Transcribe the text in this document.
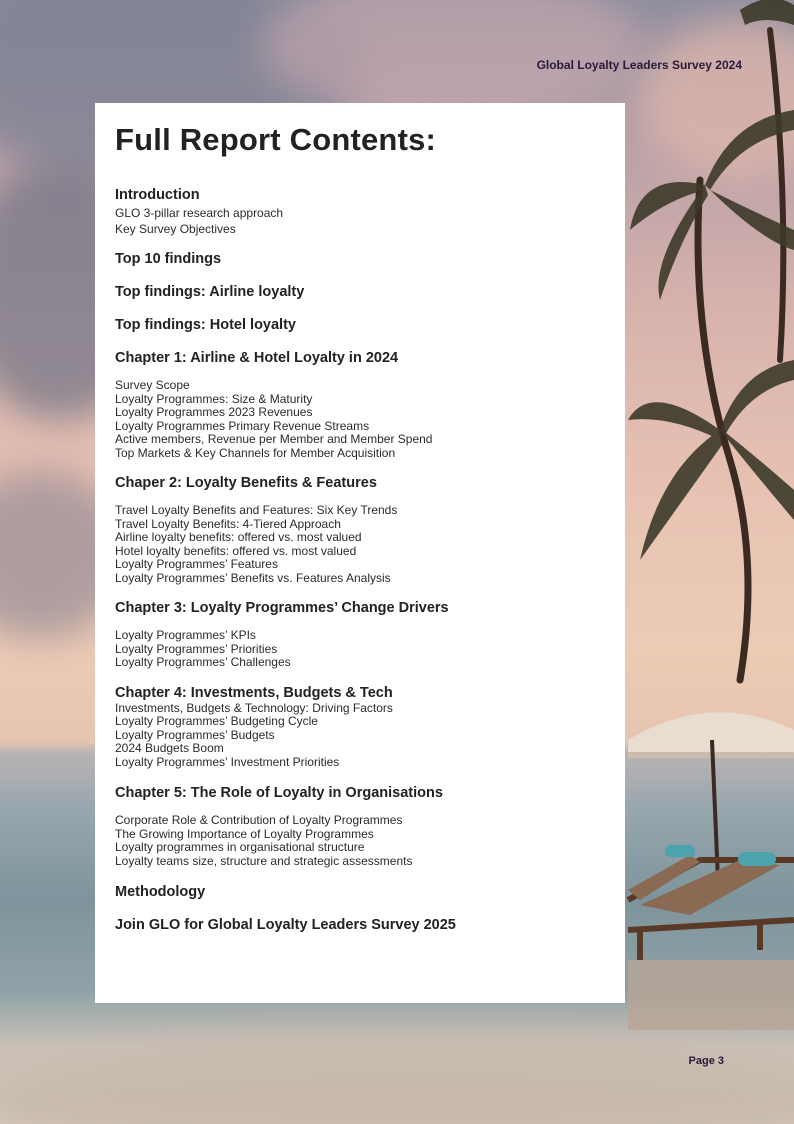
Global Loyalty Leaders Survey 2024
Full Report Contents:
Introduction
GLO 3-pillar research approach
Key Survey Objectives
Top 10 findings
Top findings: Airline loyalty
Top findings: Hotel loyalty
Chapter 1: Airline & Hotel Loyalty in 2024
Survey Scope
Loyalty Programmes: Size & Maturity
Loyalty Programmes 2023 Revenues
Loyalty Programmes Primary Revenue Streams
Active members, Revenue per Member and Member Spend
Top Markets & Key Channels for Member Acquisition
Chaper 2: Loyalty Benefits & Features
Travel Loyalty Benefits and Features: Six Key Trends
Travel Loyalty Benefits: 4-Tiered Approach
Airline loyalty benefits: offered vs. most valued
Hotel loyalty benefits: offered vs. most valued
Loyalty Programmes’ Features
Loyalty Programmes’ Benefits vs. Features Analysis
Chapter 3: Loyalty Programmes’ Change Drivers
Loyalty Programmes’ KPIs
Loyalty Programmes’ Priorities
Loyalty Programmes’ Challenges
Chapter 4: Investments, Budgets & Tech
Investments, Budgets & Technology: Driving Factors
Loyalty Programmes’ Budgeting Cycle
Loyalty Programmes’ Budgets
2024 Budgets Boom
Loyalty Programmes’ Investment Priorities
Chapter 5: The Role of Loyalty in Organisations
Corporate Role & Contribution of Loyalty Programmes
The Growing Importance of Loyalty Programmes
Loyalty programmes in organisational structure
Loyalty teams size, structure and strategic assessments
Methodology
Join GLO for Global Loyalty Leaders Survey 2025
Page 3
